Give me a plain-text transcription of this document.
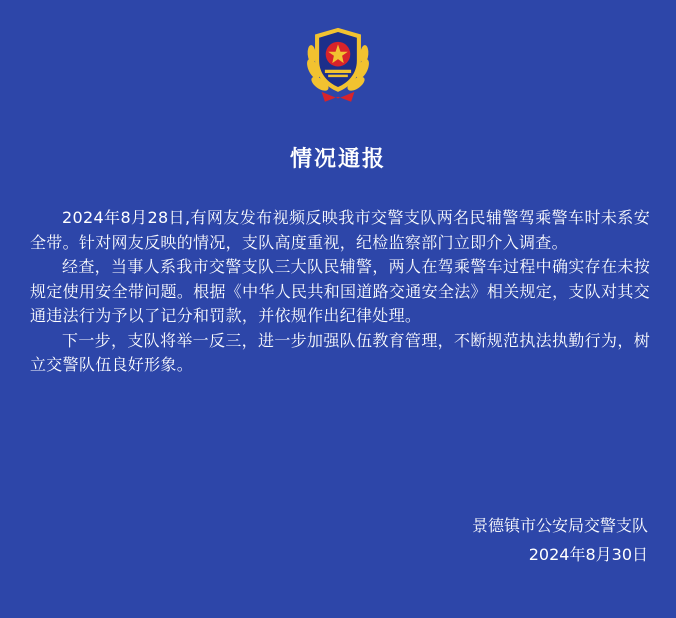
情况通报

2024年8月28日,有网友发布视频反映我市交警支队两名民辅警驾乘警车时未系安全带。针对网友反映的情况，支队高度重视，纪检监察部门立即介入调查。

经查，当事人系我市交警支队三大队民辅警，两人在驾乘警车过程中确实存在未按规定使用安全带问题。根据《中华人民共和国道路交通安全法》相关规定，支队对其交通违法行为予以了记分和罚款，并依规作出纪律处理。

下一步，支队将举一反三，进一步加强队伍教育管理，不断规范执法执勤行为，树立交警队伍良好形象。

景德镇市公安局交警支队
2024年8月30日
